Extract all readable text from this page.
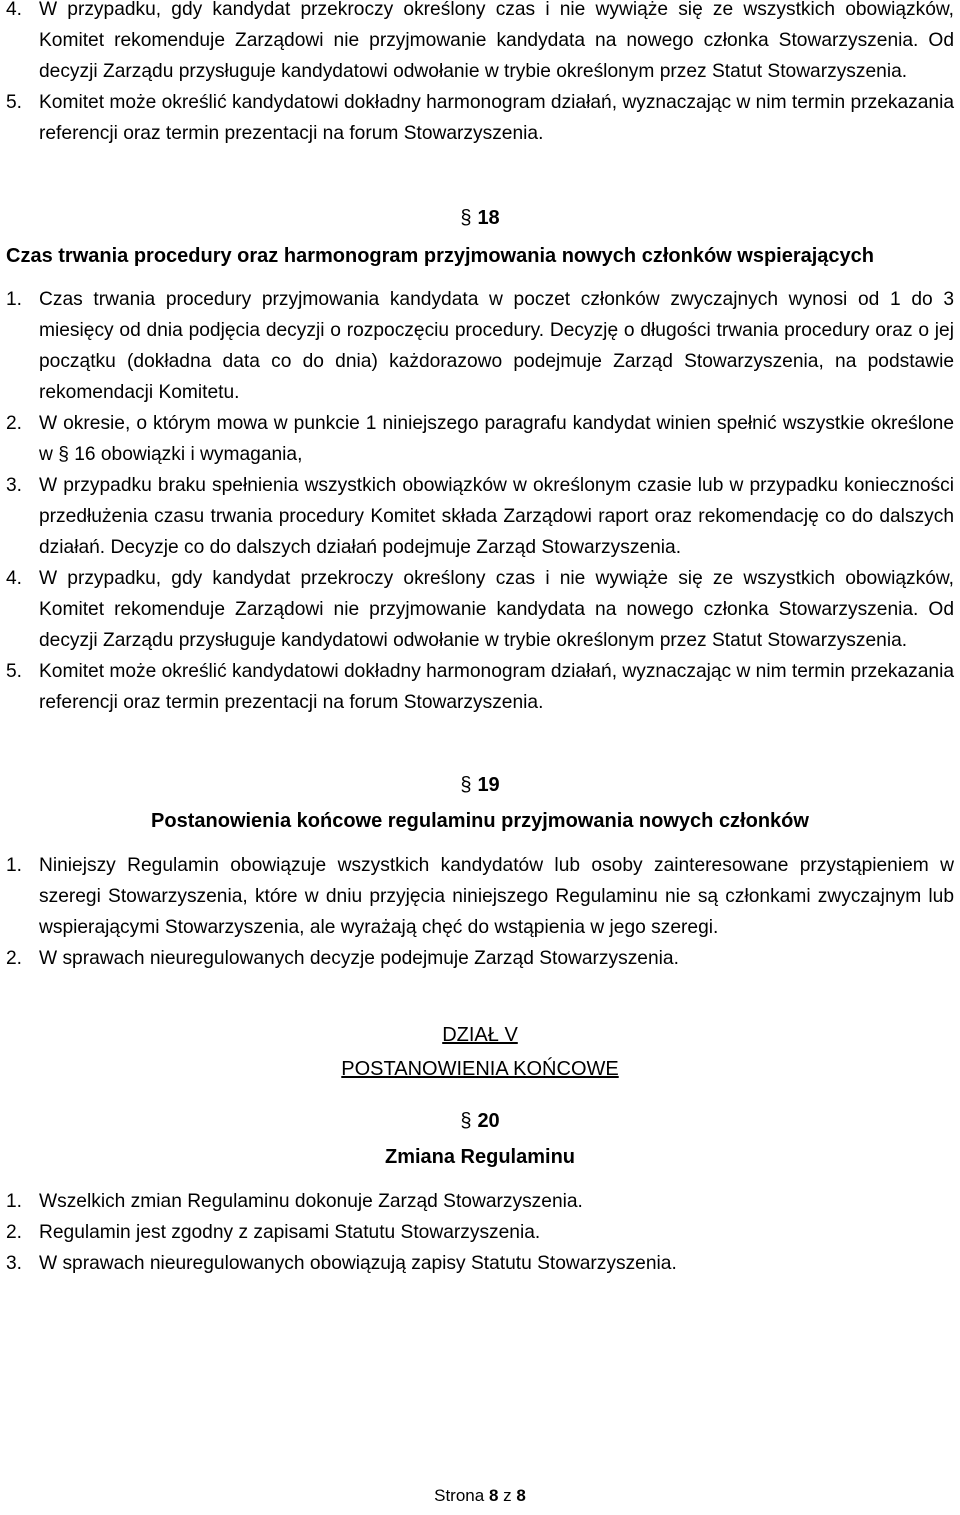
4. W przypadku, gdy kandydat przekroczy określony czas i nie wywiąże się ze wszystkich obowiązków, Komitet rekomenduje Zarządowi nie przyjmowanie kandydata na nowego członka Stowarzyszenia. Od decyzji Zarządu przysługuje kandydatowi odwołanie w trybie określonym przez Statut Stowarzyszenia.
5. Komitet może określić kandydatowi dokładny harmonogram działań, wyznaczając w nim termin przekazania referencji oraz termin prezentacji na forum Stowarzyszenia.
§ 18
Czas trwania procedury oraz harmonogram przyjmowania nowych członków wspierających
1. Czas trwania procedury przyjmowania kandydata w poczet członków zwyczajnych wynosi od 1 do 3 miesięcy od dnia podjęcia decyzji o rozpoczęciu procedury. Decyzję o długości trwania procedury oraz o jej początku (dokładna data co do dnia) każdorazowo podejmuje Zarząd Stowarzyszenia, na podstawie rekomendacji Komitetu.
2. W okresie, o którym mowa w punkcie 1 niniejszego paragrafu kandydat winien spełnić wszystkie określone w § 16 obowiązki i wymagania,
3. W przypadku braku spełnienia wszystkich obowiązków w określonym czasie lub w przypadku konieczności przedłużenia czasu trwania procedury Komitet składa Zarządowi raport oraz rekomendację co do dalszych działań. Decyzje co do dalszych działań podejmuje Zarząd Stowarzyszenia.
4. W przypadku, gdy kandydat przekroczy określony czas i nie wywiąże się ze wszystkich obowiązków, Komitet rekomenduje Zarządowi nie przyjmowanie kandydata na nowego członka Stowarzyszenia. Od decyzji Zarządu przysługuje kandydatowi odwołanie w trybie określonym przez Statut Stowarzyszenia.
5. Komitet może określić kandydatowi dokładny harmonogram działań, wyznaczając w nim termin przekazania referencji oraz termin prezentacji na forum Stowarzyszenia.
§ 19
Postanowienia końcowe regulaminu przyjmowania nowych członków
1. Niniejszy Regulamin obowiązuje wszystkich kandydatów lub osoby zainteresowane przystąpieniem w szeregi Stowarzyszenia, które w dniu przyjęcia niniejszego Regulaminu nie są członkami zwyczajnym lub wspierającymi Stowarzyszenia, ale wyrażają chęć do wstąpienia w jego szeregi.
2. W sprawach nieuregulowanych decyzje podejmuje Zarząd Stowarzyszenia.
DZIAŁ V
POSTANOWIENIA KOŃCOWE
§ 20
Zmiana Regulaminu
1. Wszelkich zmian Regulaminu dokonuje Zarząd Stowarzyszenia.
2. Regulamin jest zgodny z zapisami Statutu Stowarzyszenia.
3. W sprawach nieuregulowanych obowiązują zapisy Statutu Stowarzyszenia.
Strona 8 z 8
